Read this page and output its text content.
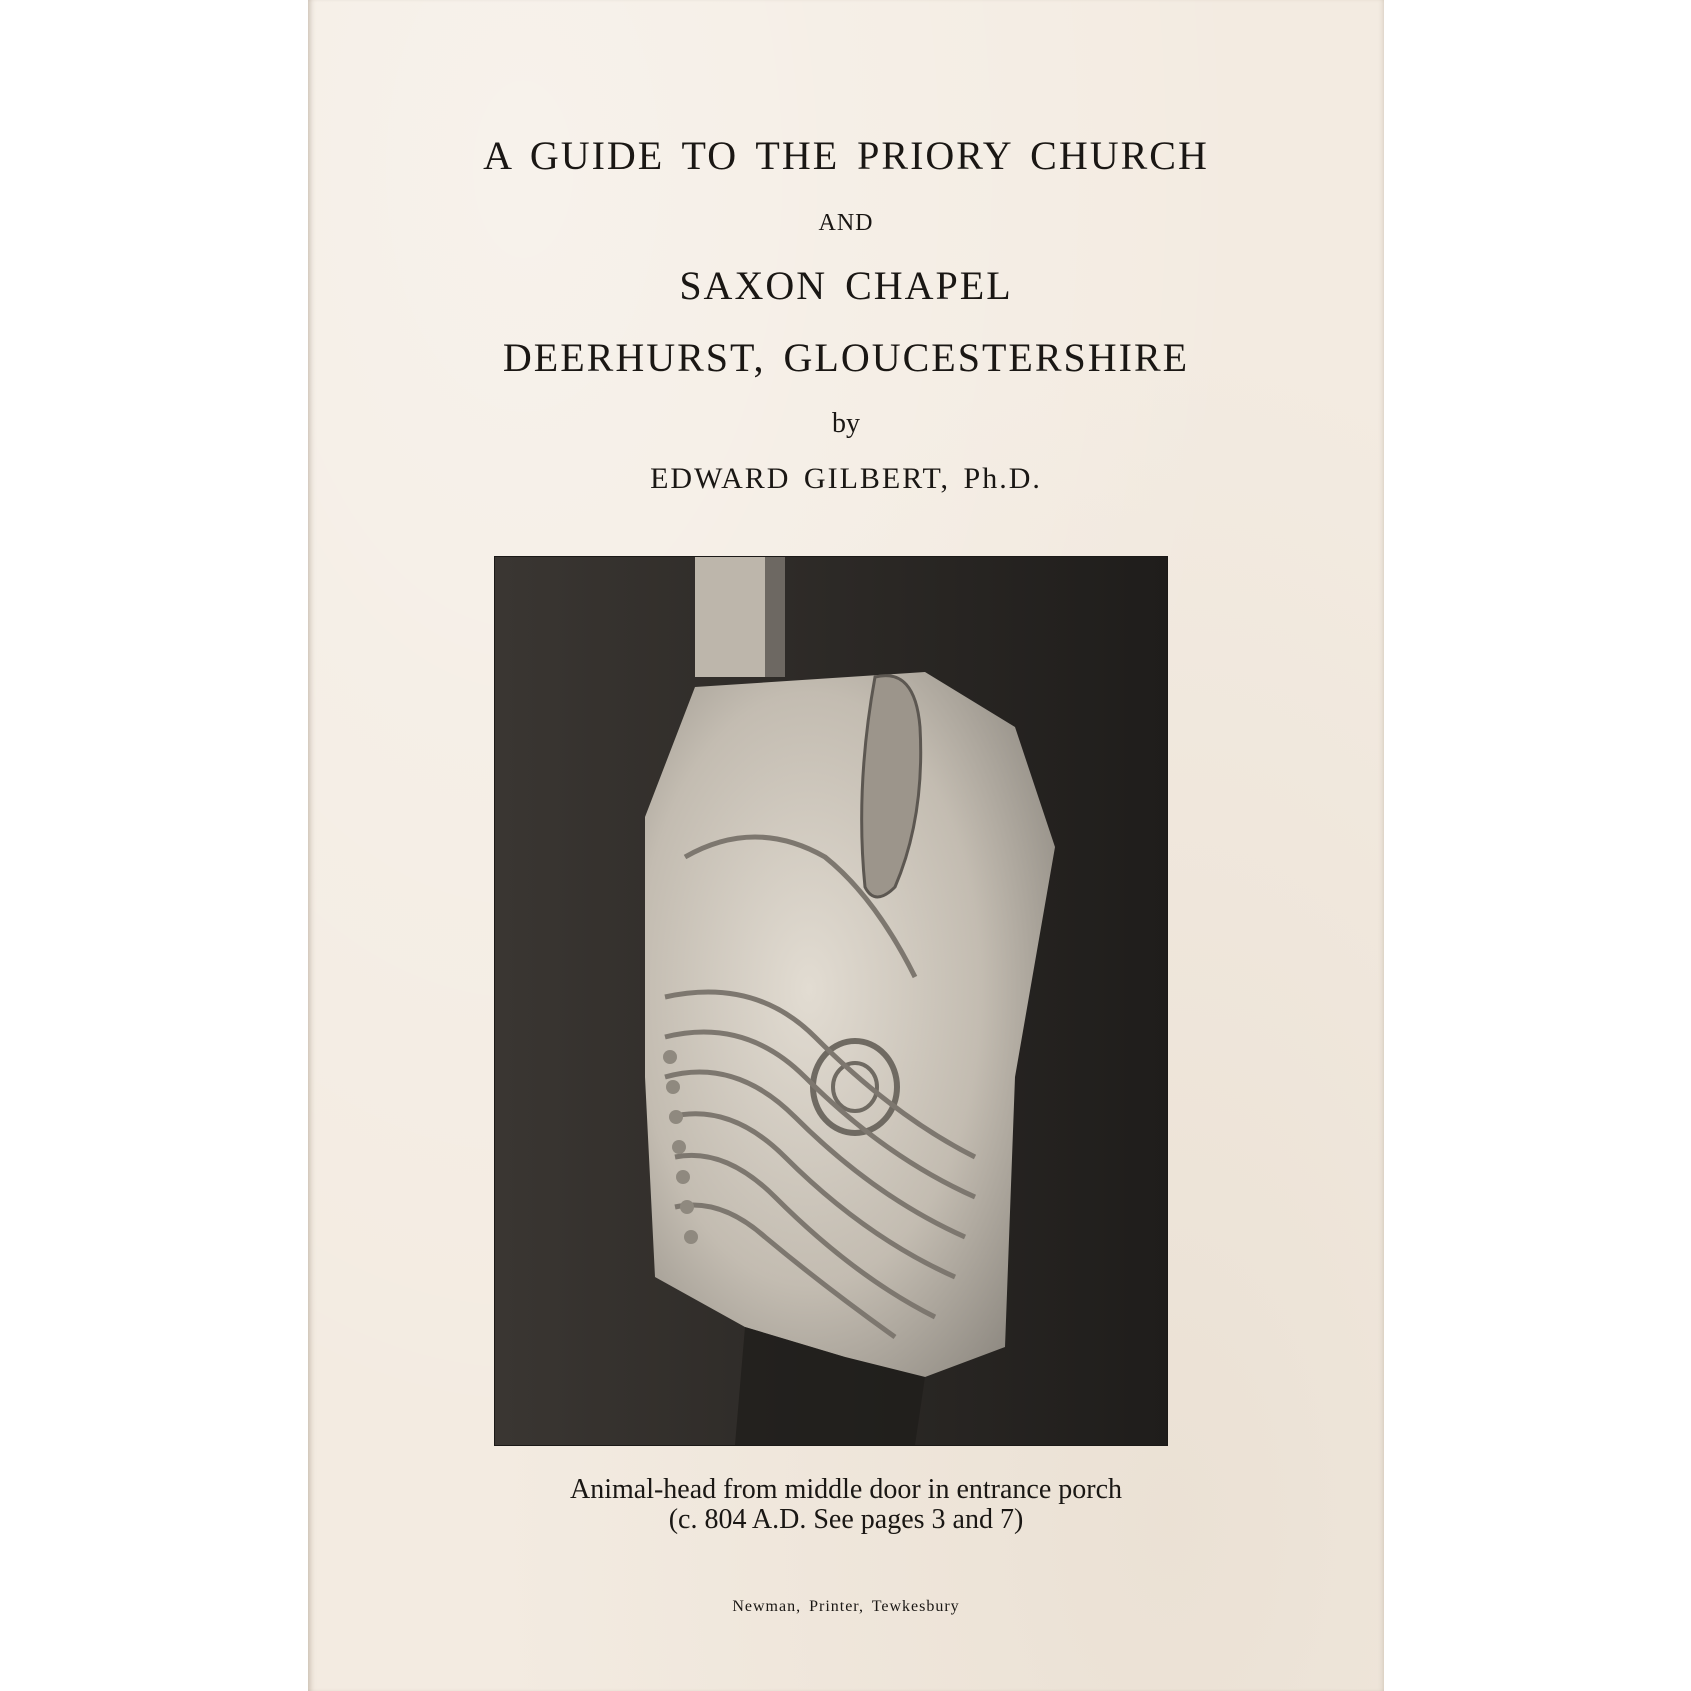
A GUIDE TO THE PRIORY CHURCH
AND
SAXON CHAPEL
DEERHURST, GLOUCESTERSHIRE
by
EDWARD GILBERT, Ph.D.
Animal-head from middle door in entrance porch
(c. 804 A.D. See pages 3 and 7)
Newman, Printer, Tewkesbury
